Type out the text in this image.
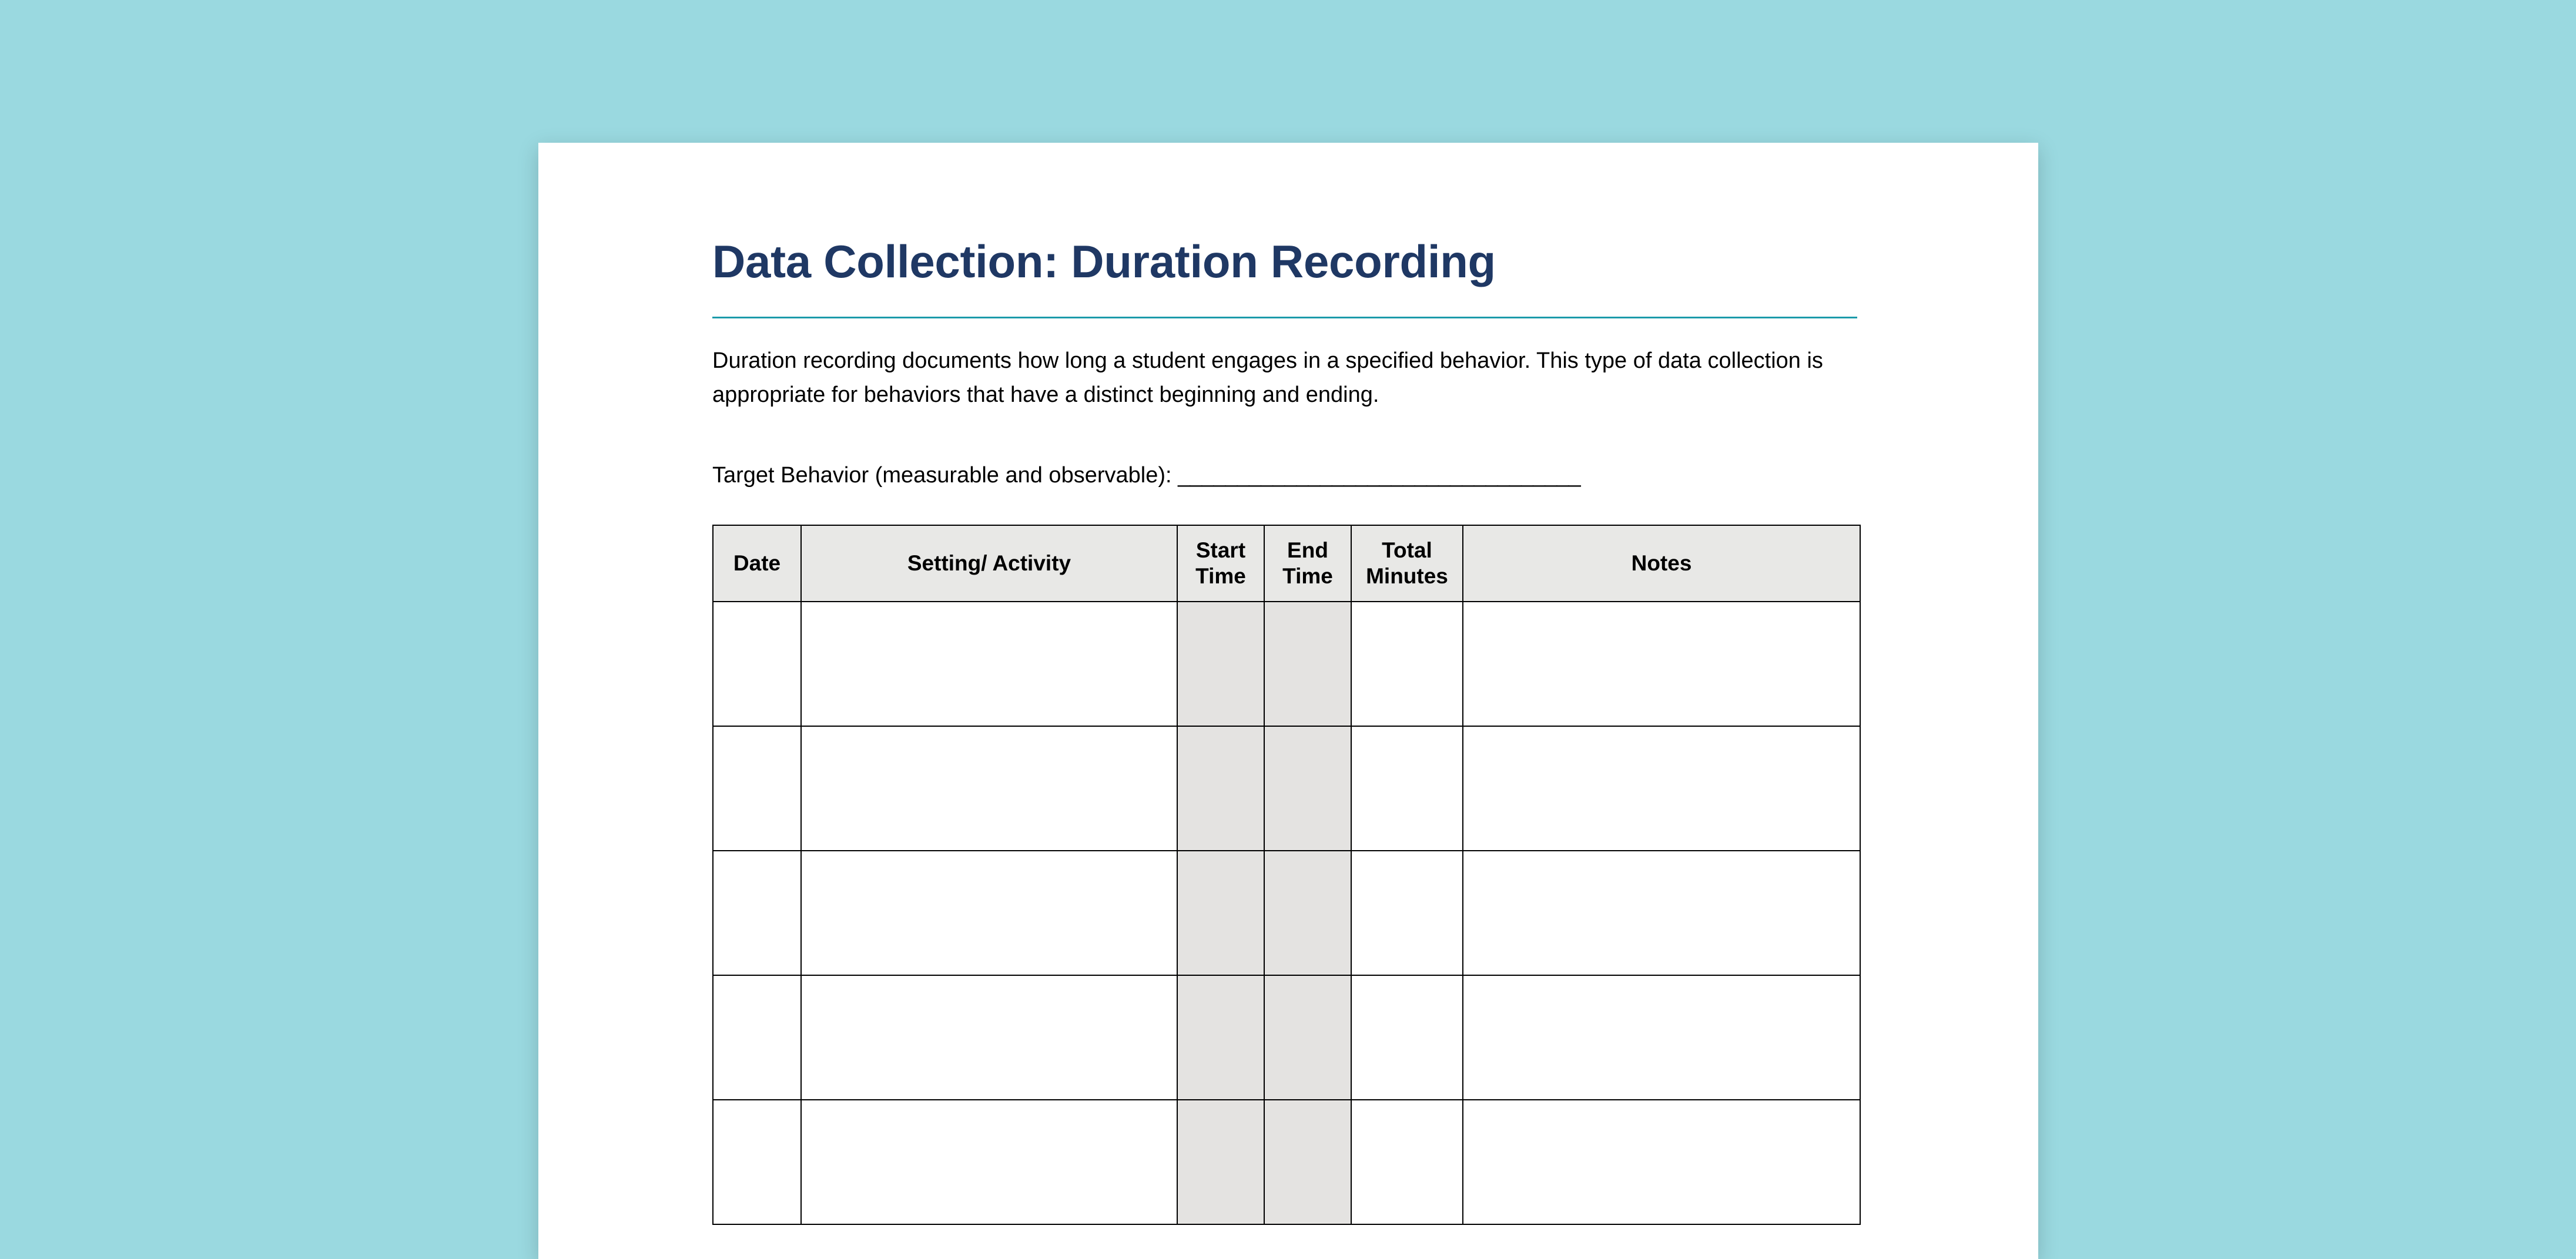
Data Collection: Duration Recording

Duration recording documents how long a student engages in a specified behavior. This type of data collection is appropriate for behaviors that have a distinct beginning and ending.

Target Behavior (measurable and observable): __________________________________
Date	Setting/ Activity	Start Time	End Time	Total Minutes	Notes
